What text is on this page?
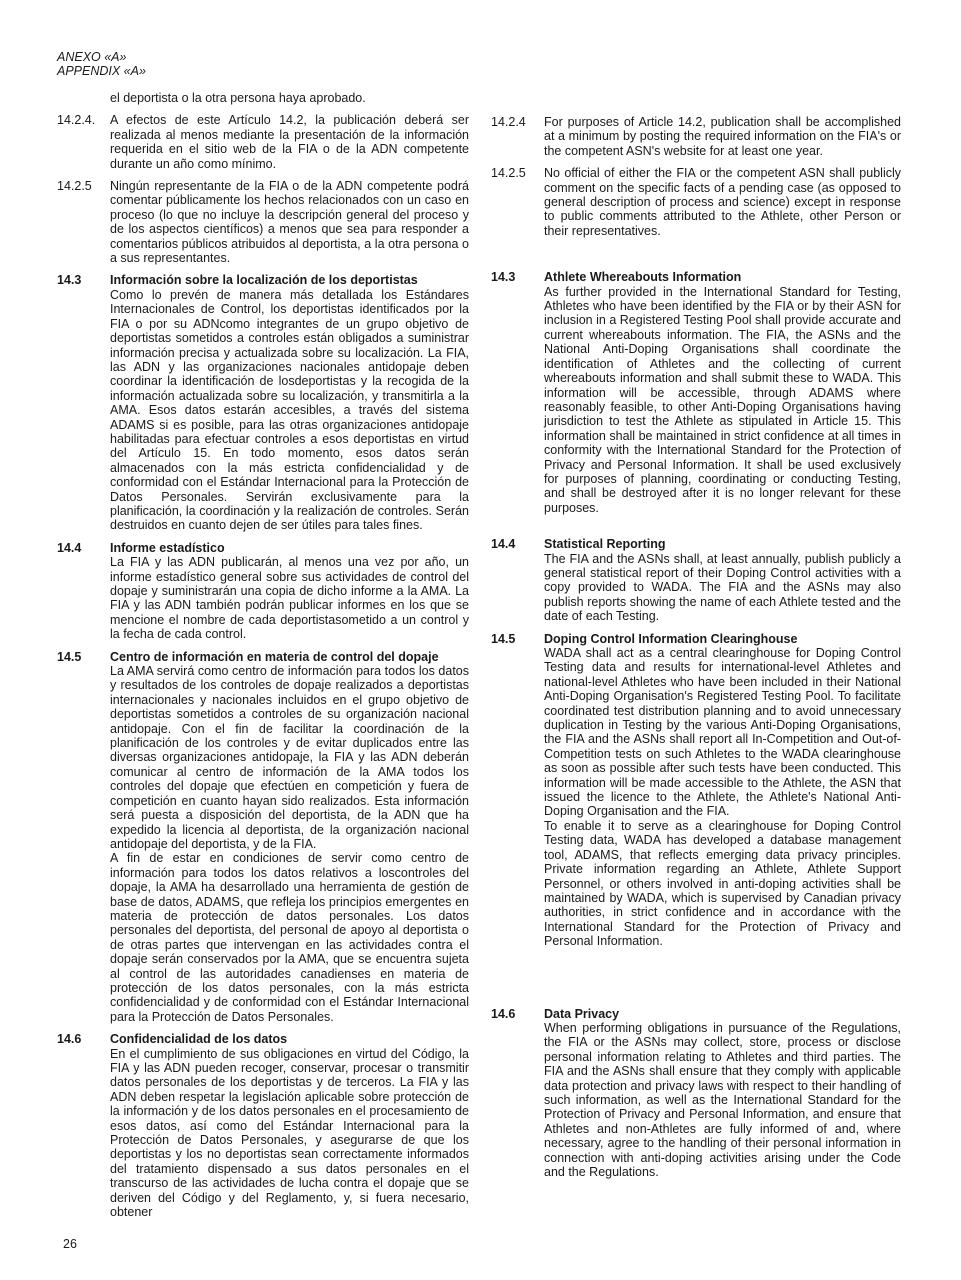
ANEXO «A»
APPENDIX «A»
el deportista o la otra persona haya aprobado.
14.2.4. A efectos de este Artículo 14.2, la publicación deberá ser realizada al menos mediante la presentación de la información requerida en el sitio web de la FIA o de la ADN competente durante un año como mínimo.
14.2.5 Ningún representante de la FIA o de la ADN competente podrá comentar públicamente los hechos relacionados con un caso en proceso (lo que no incluye la descripción general del proceso y de los aspectos científicos) a menos que sea para responder a comentarios públicos atribuidos al deportista, a la otra persona o a sus representantes.
14.3 Información sobre la localización de los deportistas
Como lo prevén de manera más detallada los Estándares Internacionales de Control, los deportistas identificados por la FIA o por su ADNcomo integrantes de un grupo objetivo de deportistas sometidos a controles están obligados a suministrar información precisa y actualizada sobre su localización. La FIA, las ADN y las organizaciones nacionales antidopaje deben coordinar la identificación de losdeportistas y la recogida de la información actualizada sobre su localización, y transmitirla a la AMA. Esos datos estarán accesibles, a través del sistema ADAMS si es posible, para las otras organizaciones antidopaje habilitadas para efectuar controles a esos deportistas en virtud del Artículo 15. En todo momento, esos datos serán almacenados con la más estricta confidencialidad y de conformidad con el Estándar Internacional para la Protección de Datos Personales. Servirán exclusivamente para la planificación, la coordinación y la realización de controles. Serán destruidos en cuanto dejen de ser útiles para tales fines.
14.4 Informe estadístico
La FIA y las ADN publicarán, al menos una vez por año, un informe estadístico general sobre sus actividades de control del dopaje y suministrarán una copia de dicho informe a la AMA. La FIA y las ADN también podrán publicar informes en los que se mencione el nombre de cada deportistasometido a un control y la fecha de cada control.
14.5 Centro de información en materia de control del dopaje
La AMA servirá como centro de información para todos los datos y resultados de los controles de dopaje realizados a deportistas internacionales y nacionales incluidos en el grupo objetivo de deportistas sometidos a controles de su organización nacional antidopaje. Con el fin de facilitar la coordinación de la planificación de los controles y de evitar duplicados entre las diversas organizaciones antidopaje, la FIA y las ADN deberán comunicar al centro de información de la AMA todos los controles del dopaje que efectúen en competición y fuera de competición en cuanto hayan sido realizados. Esta información será puesta a disposición del deportista, de la ADN que ha expedido la licencia al deportista, de la organización nacional antidopaje del deportista, y de la FIA.
A fin de estar en condiciones de servir como centro de información para todos los datos relativos a loscontroles del dopaje, la AMA ha desarrollado una herramienta de gestión de base de datos, ADAMS, que refleja los principios emergentes en materia de protección de datos personales. Los datos personales del deportista, del personal de apoyo al deportista o de otras partes que intervengan en las actividades contra el dopaje serán conservados por la AMA, que se encuentra sujeta al control de las autoridades canadienses en materia de protección de los datos personales, con la más estricta confidencialidad y de conformidad con el Estándar Internacional para la Protección de Datos Personales.
14.6 Confidencialidad de los datos
En el cumplimiento de sus obligaciones en virtud del Código, la FIA y las ADN pueden recoger, conservar, procesar o transmitir datos personales de los deportistas y de terceros. La FIA y las ADN deben respetar la legislación aplicable sobre protección de la información y de los datos personales en el procesamiento de esos datos, así como del Estándar Internacional para la Protección de Datos Personales, y asegurarse de que los deportistas y los no deportistas sean correctamente informados del tratamiento dispensado a sus datos personales en el transcurso de las actividades de lucha contra el dopaje que se deriven del Código y del Reglamento, y, si fuera necesario, obtener
14.2.4 For purposes of Article 14.2, publication shall be accomplished at a minimum by posting the required information on the FIA's or the competent ASN's website for at least one year.
14.2.5 No official of either the FIA or the competent ASN shall publicly comment on the specific facts of a pending case (as opposed to general description of process and science) except in response to public comments attributed to the Athlete, other Person or their representatives.
14.3 Athlete Whereabouts Information
As further provided in the International Standard for Testing, Athletes who have been identified by the FIA or by their ASN for inclusion in a Registered Testing Pool shall provide accurate and current whereabouts information. The FIA, the ASNs and the National Anti-Doping Organisations shall coordinate the identification of Athletes and the collecting of current whereabouts information and shall submit these to WADA. This information will be accessible, through ADAMS where reasonably feasible, to other Anti-Doping Organisations having jurisdiction to test the Athlete as stipulated in Article 15. This information shall be maintained in strict confidence at all times in conformity with the International Standard for the Protection of Privacy and Personal Information. It shall be used exclusively for purposes of planning, coordinating or conducting Testing, and shall be destroyed after it is no longer relevant for these purposes.
14.4 Statistical Reporting
The FIA and the ASNs shall, at least annually, publish publicly a general statistical report of their Doping Control activities with a copy provided to WADA. The FIA and the ASNs may also publish reports showing the name of each Athlete tested and the date of each Testing.
14.5 Doping Control Information Clearinghouse
WADA shall act as a central clearinghouse for Doping Control Testing data and results for international-level Athletes and national-level Athletes who have been included in their National Anti-Doping Organisation's Registered Testing Pool. To facilitate coordinated test distribution planning and to avoid unnecessary duplication in Testing by the various Anti-Doping Organisations, the FIA and the ASNs shall report all In-Competition and Out-of-Competition tests on such Athletes to the WADA clearinghouse as soon as possible after such tests have been conducted. This information will be made accessible to the Athlete, the ASN that issued the licence to the Athlete, the Athlete's National Anti-Doping Organisation and the FIA.
To enable it to serve as a clearinghouse for Doping Control Testing data, WADA has developed a database management tool, ADAMS, that reflects emerging data privacy principles. Private information regarding an Athlete, Athlete Support Personnel, or others involved in anti-doping activities shall be maintained by WADA, which is supervised by Canadian privacy authorities, in strict confidence and in accordance with the International Standard for the Protection of Privacy and Personal Information.
14.6 Data Privacy
When performing obligations in pursuance of the Regulations, the FIA or the ASNs may collect, store, process or disclose personal information relating to Athletes and third parties. The FIA and the ASNs shall ensure that they comply with applicable data protection and privacy laws with respect to their handling of such information, as well as the International Standard for the Protection of Privacy and Personal Information, and ensure that Athletes and non-Athletes are fully informed of and, where necessary, agree to the handling of their personal information in connection with anti-doping activities arising under the Code and the Regulations.
26
